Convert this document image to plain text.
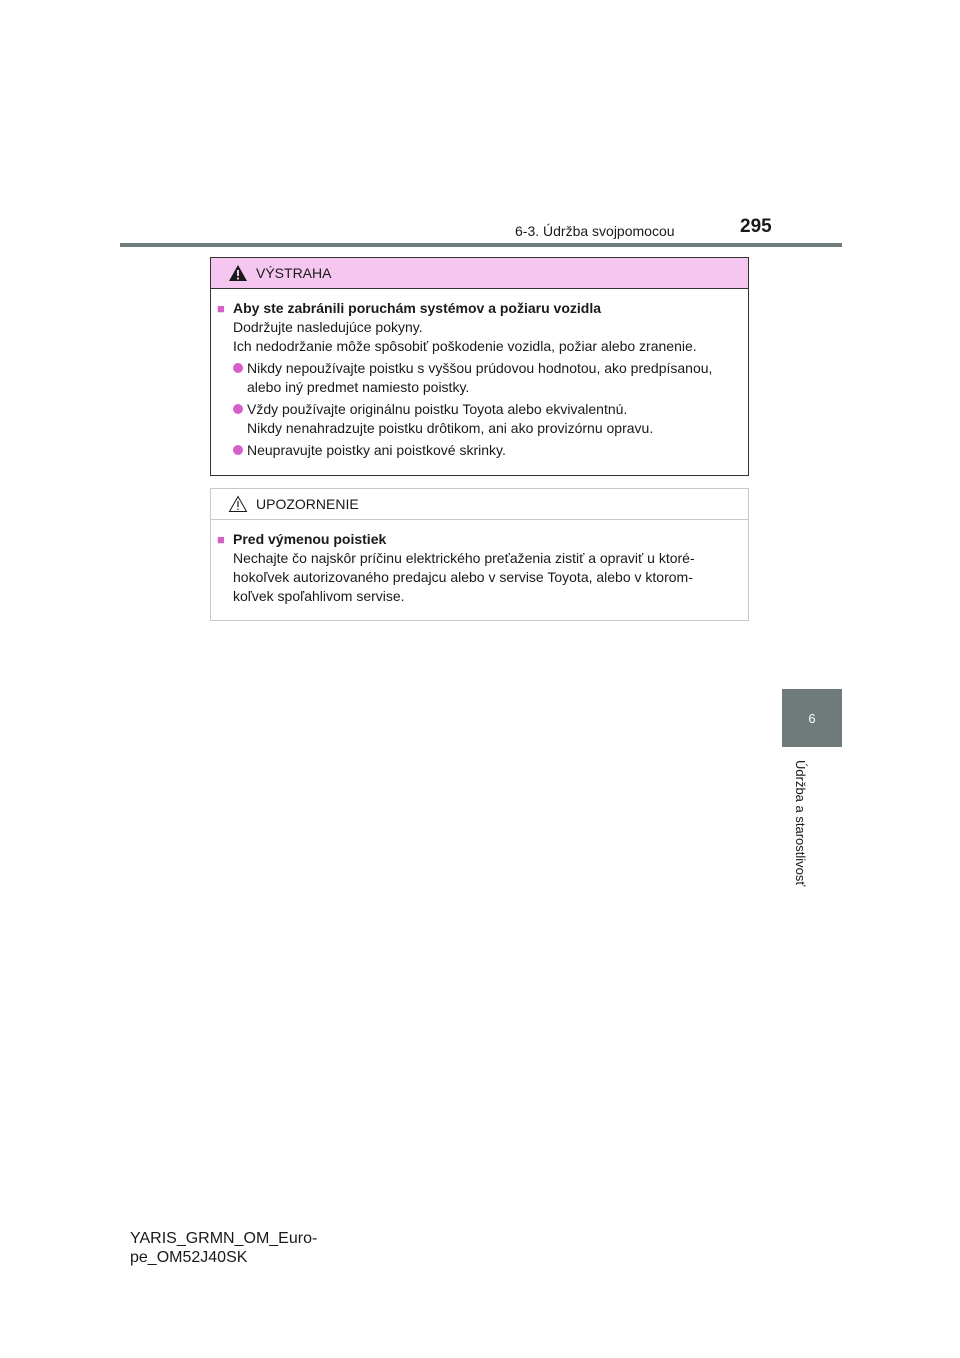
6-3. Údržba svojpomocou	295
6
Údržba a starostlivosť
VÝSTRAHA
■ Aby ste zabránili poruchám systémov a požiaru vozidla
Dodržujte nasledujúce pokyny.
Ich nedodržanie môže spôsobiť poškodenie vozidla, požiar alebo zranenie.
Nikdy nepoužívajte poistku s vyššou prúdovou hodnotou, ako predpísanou,
alebo iný predmet namiesto poistky.
Vždy používajte originálnu poistku Toyota alebo ekvivalentnú.
Nikdy nenahradzujte poistku drôtikom, ani ako provizórnu opravu.
Neupravujte poistky ani poistkové skrinky.
UPOZORNENIE
■ Pred výmenou poistiek
Nechajte čo najskôr príčinu elektrického preťaženia zistiť a opraviť u ktoré-
hokoľvek autorizovaného predajcu alebo v servise Toyota, alebo v ktorom-
koľvek spoľahlivom servise.
YARIS_GRMN_OM_Euro-
pe_OM52J40SK
